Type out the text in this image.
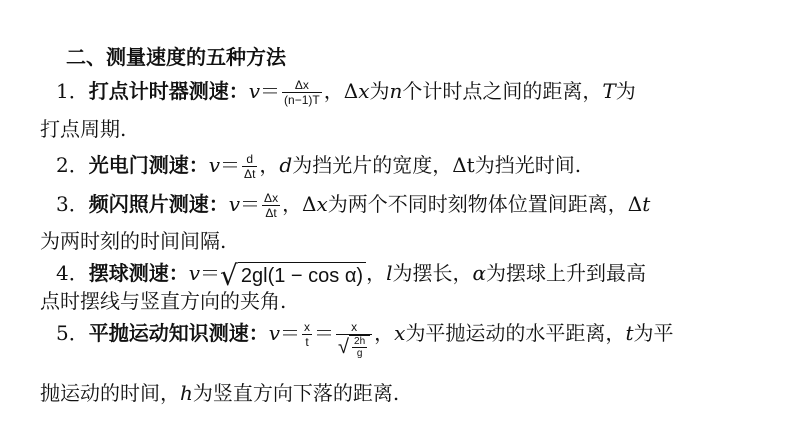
二、测量速度的五种方法
1．打点计时器测速：$v= \frac{\Delta x}{(n-1)T}$ ，Δx为n个计时点之间的距离，T为
打点周期.
2．光电门测速：$v= \frac{d}{\Delta t}$ ，d为挡光片的宽度，Δt为挡光时间.
3．频闪照片测速：$v= \frac{\Delta x}{\Delta t}$ ，Δx为两个不同时刻物体位置间距离，Δt
为两时刻的时间间隔.
4．摆球测速：v＝√ 2gl(1 − cos α) ，l为摆长，α为摆球上升到最高
点时摆线与竖直方向的夹角.
5．平抛运动知识测速：$v= \frac{x}{t} = \frac{x}{√ \frac{2h}{g}}$ ，x为平抛运动的水平距离，t为平
抛运动的时间，h为竖直方向下落的距离.
